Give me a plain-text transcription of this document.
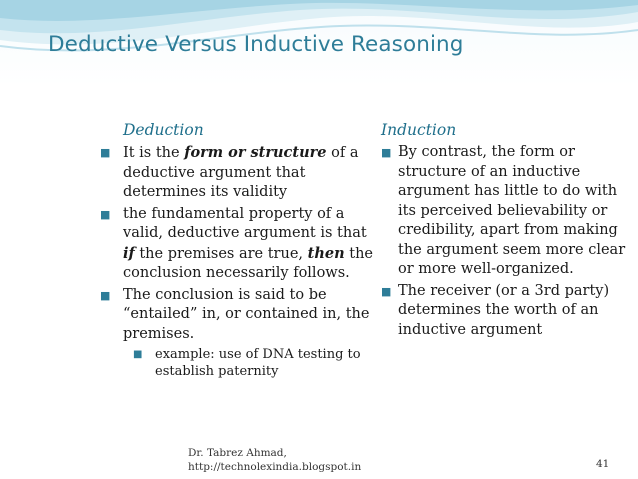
Deductive Versus Inductive Reasoning
Deduction
■ It is the form or structure of a deductive argument that determines its validity
■ the fundamental property of a valid, deductive argument is that if the premises are true, then the conclusion necessarily follows.
■ The conclusion is said to be “entailed” in, or contained in, the premises.
■ example: use of DNA testing to establish paternity
Induction
■ By contrast, the form or structure of an inductive argument has little to do with its perceived believability or credibility, apart from making the argument seem more clear or more well-organized.
■ The receiver (or a 3rd party) determines the worth of an inductive argument
Dr. Tabrez Ahmad,
http://technolexindia.blogspot.in	41
